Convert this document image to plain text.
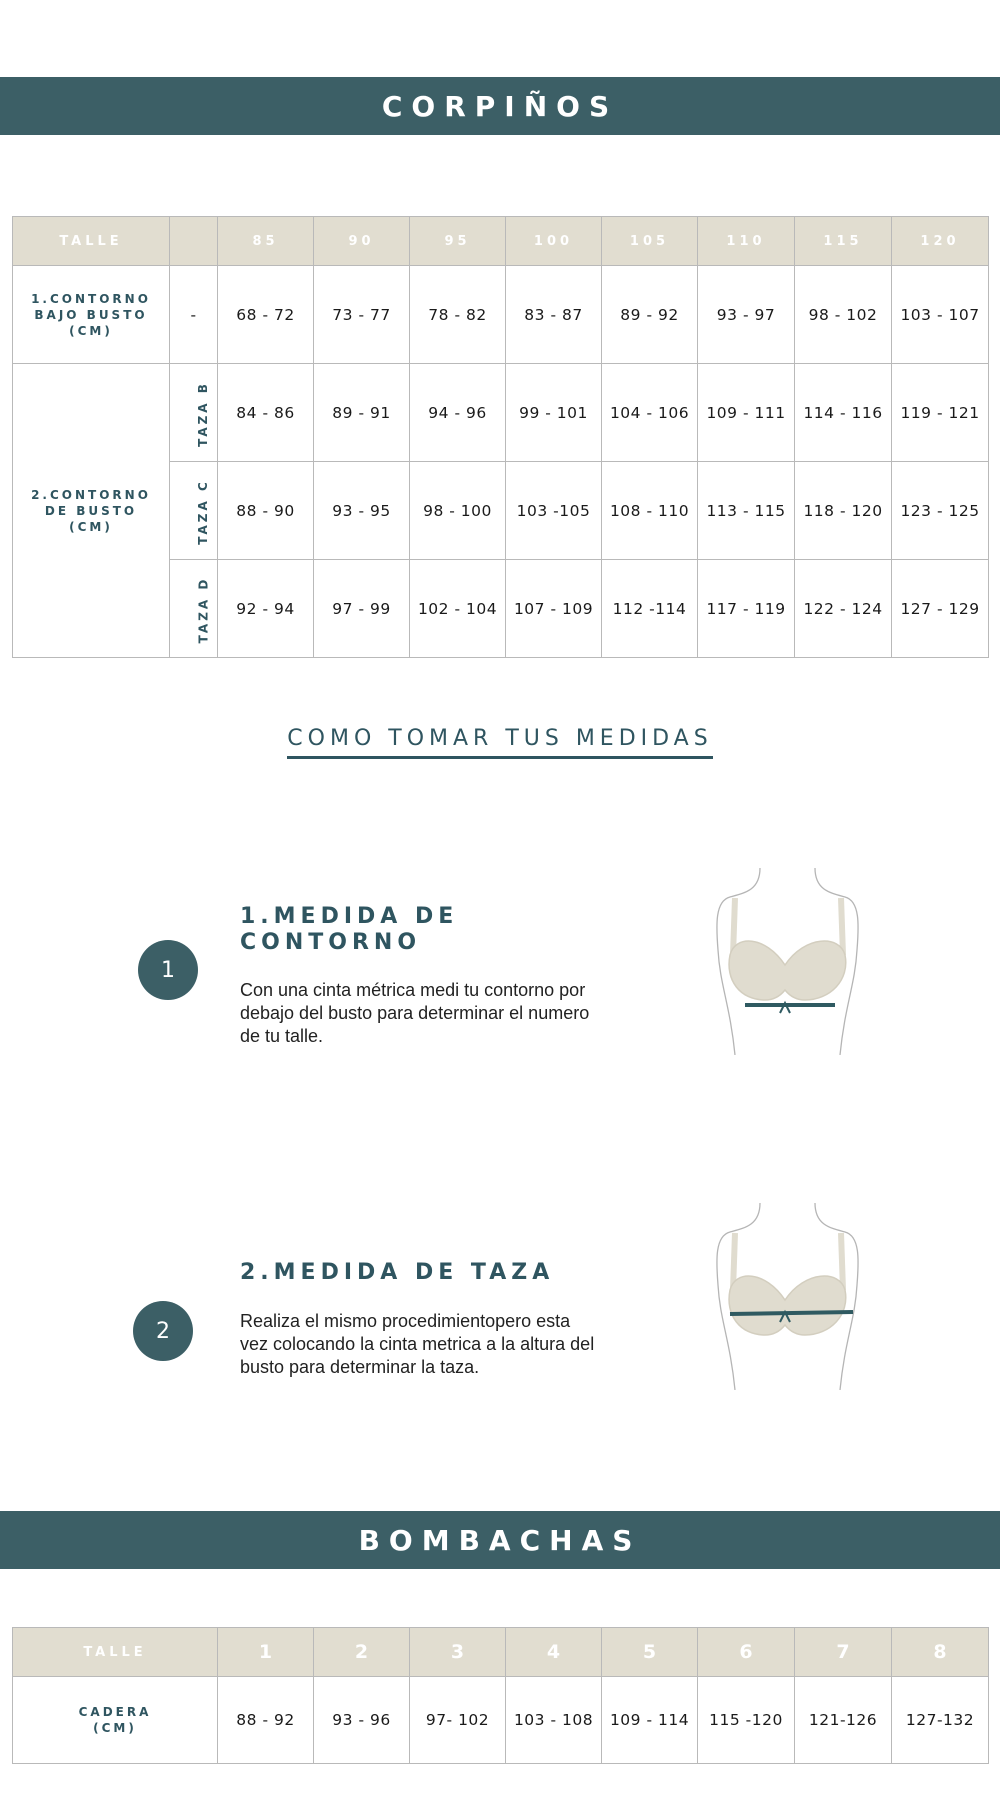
CORPIÑOS
TALLE		85	90	95	100	105	110	115	120
1.CONTORNO
BAJO BUSTO
(CM)	-	68 - 72	73 - 77	78 - 82	83 - 87	89 - 92	93 - 97	98 - 102	103 - 107
2.CONTORNO
DE BUSTO
(CM)	TAZA B	84 - 86	89 - 91	94 - 96	99 - 101	104 - 106	109 - 111	114 - 116	119 - 121
	TAZA C	88 - 90	93 - 95	98 - 100	103 -105	108 - 110	113 - 115	118 - 120	123 - 125
	TAZA D	92 - 94	97 - 99	102 - 104	107 - 109	112 -114	117 - 119	122 - 124	127 - 129
COMO TOMAR TUS MEDIDAS
1
1.MEDIDA DE
CONTORNO
Con una cinta métrica medi tu contorno por debajo del busto para determinar el numero de tu talle.
2
2.MEDIDA DE TAZA
Realiza el mismo procedimientopero esta vez colocando la cinta metrica a la altura del busto para determinar la taza.
BOMBACHAS
TALLE	1	2	3	4	5	6	7	8
CADERA
(CM)	88 - 92	93 - 96	97- 102	103 - 108	109 - 114	115 -120	121-126	127-132
